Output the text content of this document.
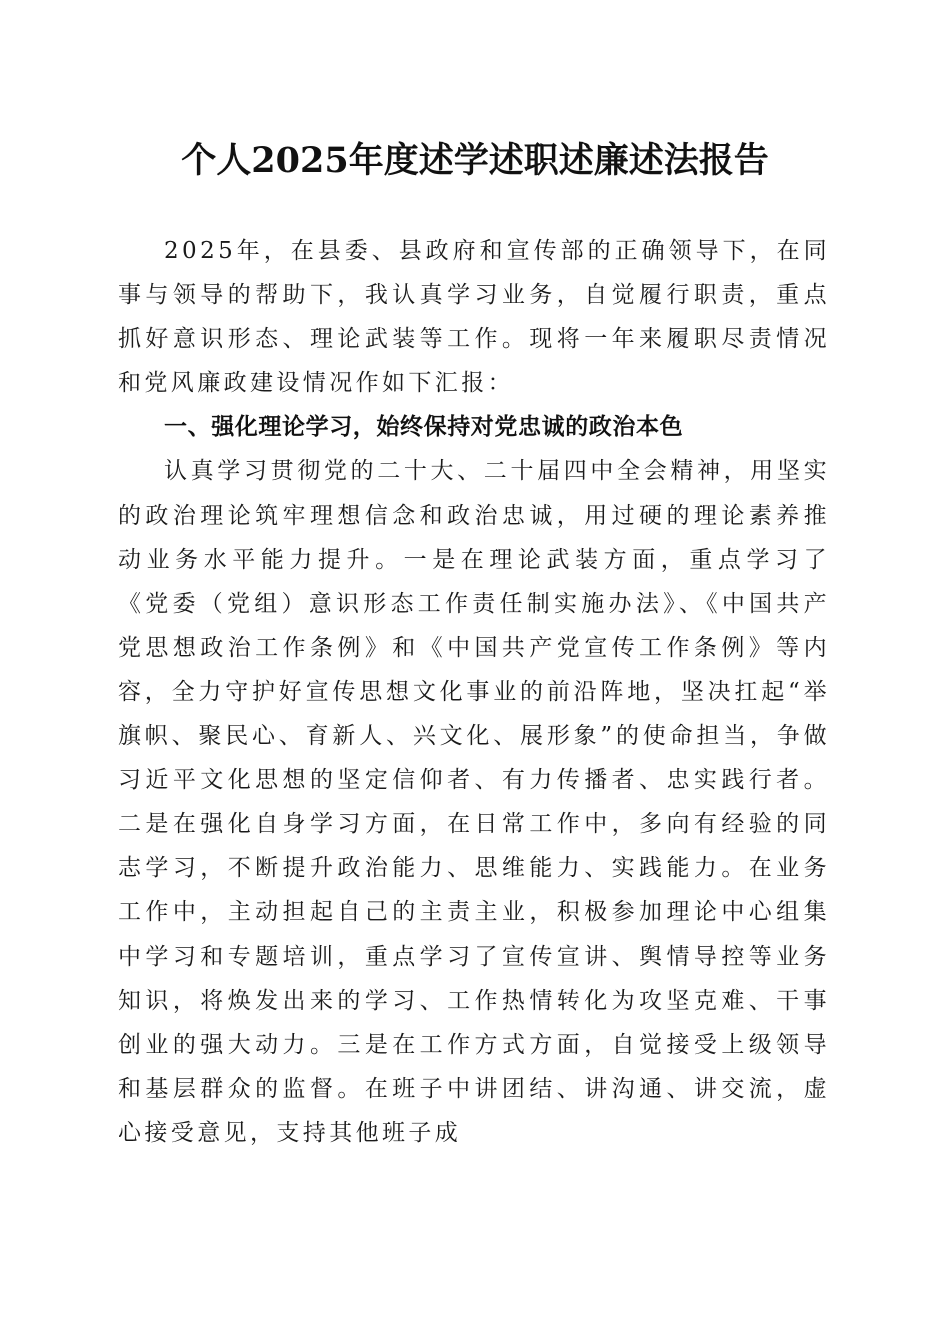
个人2025年度述学述职述廉述法报告

2025年，在县委、县政府和宣传部的正确领导下，在同事与领导的帮助下，我认真学习业务，自觉履行职责，重点抓好意识形态、理论武装等工作。现将一年来履职尽责情况和党风廉政建设情况作如下汇报：

一、强化理论学习，始终保持对党忠诚的政治本色

认真学习贯彻党的二十大、二十届四中全会精神，用坚实的政治理论筑牢理想信念和政治忠诚，用过硬的理论素养推动业务水平能力提升。一是在理论武装方面，重点学习了《党委（党组）意识形态工作责任制实施办法》、《中国共产党思想政治工作条例》和《中国共产党宣传工作条例》等内容，全力守护好宣传思想文化事业的前沿阵地，坚决扛起“举旗帜、聚民心、育新人、兴文化、展形象”的使命担当，争做习近平文化思想的坚定信仰者、有力传播者、忠实践行者。二是在强化自身学习方面，在日常工作中，多向有经验的同志学习，不断提升政治能力、思维能力、实践能力。在业务工作中，主动担起自己的主责主业，积极参加理论中心组集中学习和专题培训，重点学习了宣传宣讲、舆情导控等业务知识，将焕发出来的学习、工作热情转化为攻坚克难、干事创业的强大动力。三是在工作方式方面，自觉接受上级领导和基层群众的监督。在班子中讲团结、讲沟通、讲交流，虚心接受意见，支持其他班子成
